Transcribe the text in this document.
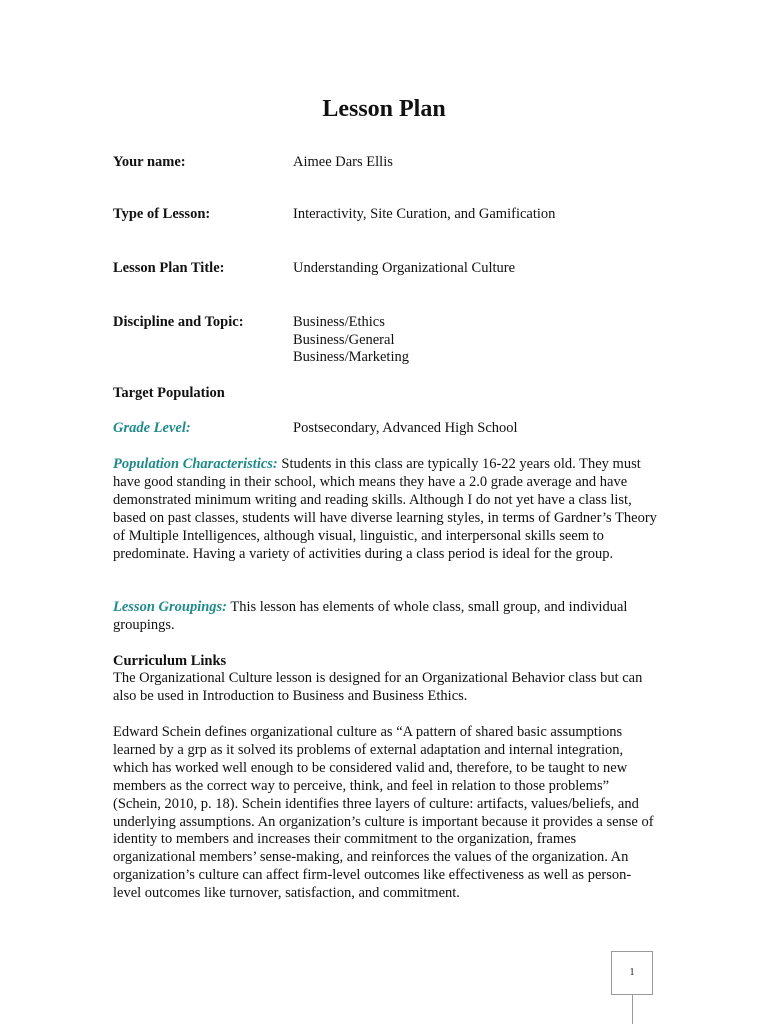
Lesson Plan
Your name:	Aimee Dars Ellis
Type of Lesson:	Interactivity, Site Curation, and Gamification
Lesson Plan Title:	Understanding Organizational Culture
Discipline and Topic:	Business/Ethics
Business/General
Business/Marketing
Target Population
Grade Level:	Postsecondary, Advanced High School
Population Characteristics: Students in this class are typically 16-22 years old. They must have good standing in their school, which means they have a 2.0 grade average and have demonstrated minimum writing and reading skills. Although I do not yet have a class list, based on past classes, students will have diverse learning styles, in terms of Gardner’s Theory of Multiple Intelligences, although visual, linguistic, and interpersonal skills seem to predominate. Having a variety of activities during a class period is ideal for the group.
Lesson Groupings: This lesson has elements of whole class, small group, and individual groupings.
Curriculum Links
The Organizational Culture lesson is designed for an Organizational Behavior class but can also be used in Introduction to Business and Business Ethics.
Edward Schein defines organizational culture as “A pattern of shared basic assumptions learned by a grp as it solved its problems of external adaptation and internal integration, which has worked well enough to be considered valid and, therefore, to be taught to new members as the correct way to perceive, think, and feel in relation to those problems” (Schein, 2010, p. 18). Schein identifies three layers of culture: artifacts, values/beliefs, and underlying assumptions. An organization’s culture is important because it provides a sense of identity to members and increases their commitment to the organization, frames organizational members’ sense-making, and reinforces the values of the organization. An organization’s culture can affect firm-level outcomes like effectiveness as well as person-level outcomes like turnover, satisfaction, and commitment.
1
